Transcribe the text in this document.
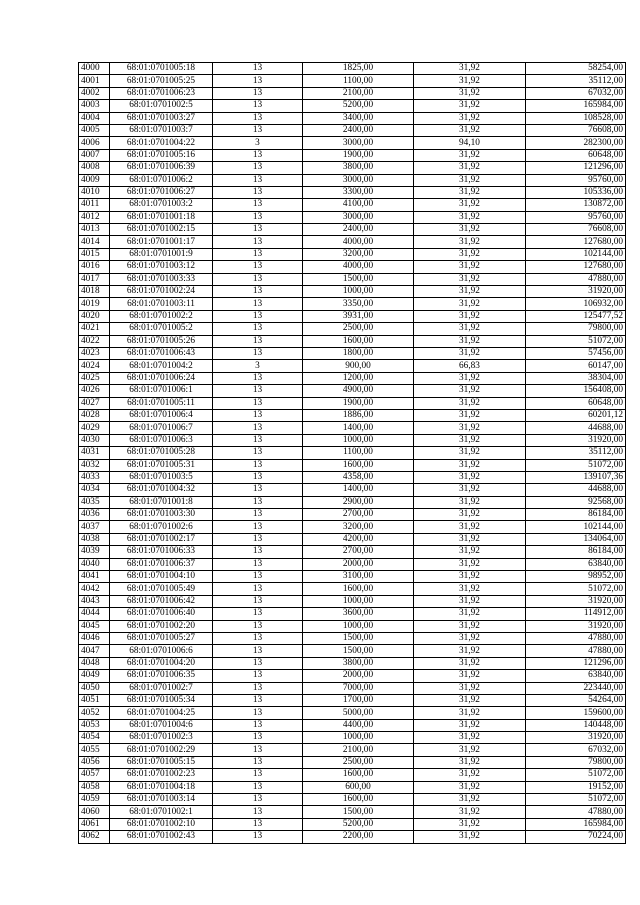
4000	68:01:0701005:18	13	1825,00	31,92	58254,00
4001	68:01:0701005:25	13	1100,00	31,92	35112,00
4002	68:01:0701006:23	13	2100,00	31,92	67032,00
4003	68:01:0701002:5	13	5200,00	31,92	165984,00
4004	68:01:0701003:27	13	3400,00	31,92	108528,00
4005	68:01:0701003:7	13	2400,00	31,92	76608,00
4006	68:01:0701004:22	3	3000,00	94,10	282300,00
4007	68:01:0701005:16	13	1900,00	31,92	60648,00
4008	68:01:0701006:39	13	3800,00	31,92	121296,00
4009	68:01:0701006:2	13	3000,00	31,92	95760,00
4010	68:01:0701006:27	13	3300,00	31,92	105336,00
4011	68:01:0701003:2	13	4100,00	31,92	130872,00
4012	68:01:0701001:18	13	3000,00	31,92	95760,00
4013	68:01:0701002:15	13	2400,00	31,92	76608,00
4014	68:01:0701001:17	13	4000,00	31,92	127680,00
4015	68:01:0701001:9	13	3200,00	31,92	102144,00
4016	68:01:0701003:12	13	4000,00	31,92	127680,00
4017	68:01:0701003:33	13	1500,00	31,92	47880,00
4018	68:01:0701002:24	13	1000,00	31,92	31920,00
4019	68:01:0701003:11	13	3350,00	31,92	106932,00
4020	68:01:0701002:2	13	3931,00	31,92	125477,52
4021	68:01:0701005:2	13	2500,00	31,92	79800,00
4022	68:01:0701005:26	13	1600,00	31,92	51072,00
4023	68:01:0701006:43	13	1800,00	31,92	57456,00
4024	68:01:0701004:2	3	900,00	66,83	60147,00
4025	68:01:0701006:24	13	1200,00	31,92	38304,00
4026	68:01:0701006:1	13	4900,00	31,92	156408,00
4027	68:01:0701005:11	13	1900,00	31,92	60648,00
4028	68:01:0701006:4	13	1886,00	31,92	60201,12
4029	68:01:0701006:7	13	1400,00	31,92	44688,00
4030	68:01:0701006:3	13	1000,00	31,92	31920,00
4031	68:01:0701005:28	13	1100,00	31,92	35112,00
4032	68:01:0701005:31	13	1600,00	31,92	51072,00
4033	68:01:0701003:5	13	4358,00	31,92	139107,36
4034	68:01:0701004:32	13	1400,00	31,92	44688,00
4035	68:01:0701001:8	13	2900,00	31,92	92568,00
4036	68:01:0701003:30	13	2700,00	31,92	86184,00
4037	68:01:0701002:6	13	3200,00	31,92	102144,00
4038	68:01:0701002:17	13	4200,00	31,92	134064,00
4039	68:01:0701006:33	13	2700,00	31,92	86184,00
4040	68:01:0701006:37	13	2000,00	31,92	63840,00
4041	68:01:0701004:10	13	3100,00	31,92	98952,00
4042	68:01:0701005:49	13	1600,00	31,92	51072,00
4043	68:01:0701006:42	13	1000,00	31,92	31920,00
4044	68:01:0701006:40	13	3600,00	31,92	114912,00
4045	68:01:0701002:20	13	1000,00	31,92	31920,00
4046	68:01:0701005:27	13	1500,00	31,92	47880,00
4047	68:01:0701006:6	13	1500,00	31,92	47880,00
4048	68:01:0701004:20	13	3800,00	31,92	121296,00
4049	68:01:0701006:35	13	2000,00	31,92	63840,00
4050	68:01:0701002:7	13	7000,00	31,92	223440,00
4051	68:01:0701005:34	13	1700,00	31,92	54264,00
4052	68:01:0701004:25	13	5000,00	31,92	159600,00
4053	68:01:0701004:6	13	4400,00	31,92	140448,00
4054	68:01:0701002:3	13	1000,00	31,92	31920,00
4055	68:01:0701002:29	13	2100,00	31,92	67032,00
4056	68:01:0701005:15	13	2500,00	31,92	79800,00
4057	68:01:0701002:23	13	1600,00	31,92	51072,00
4058	68:01:0701004:18	13	600,00	31,92	19152,00
4059	68:01:0701003:14	13	1600,00	31,92	51072,00
4060	68:01:0701002:1	13	1500,00	31,92	47880,00
4061	68:01:0701002:10	13	5200,00	31,92	165984,00
4062	68:01:0701002:43	13	2200,00	31,92	70224,00
